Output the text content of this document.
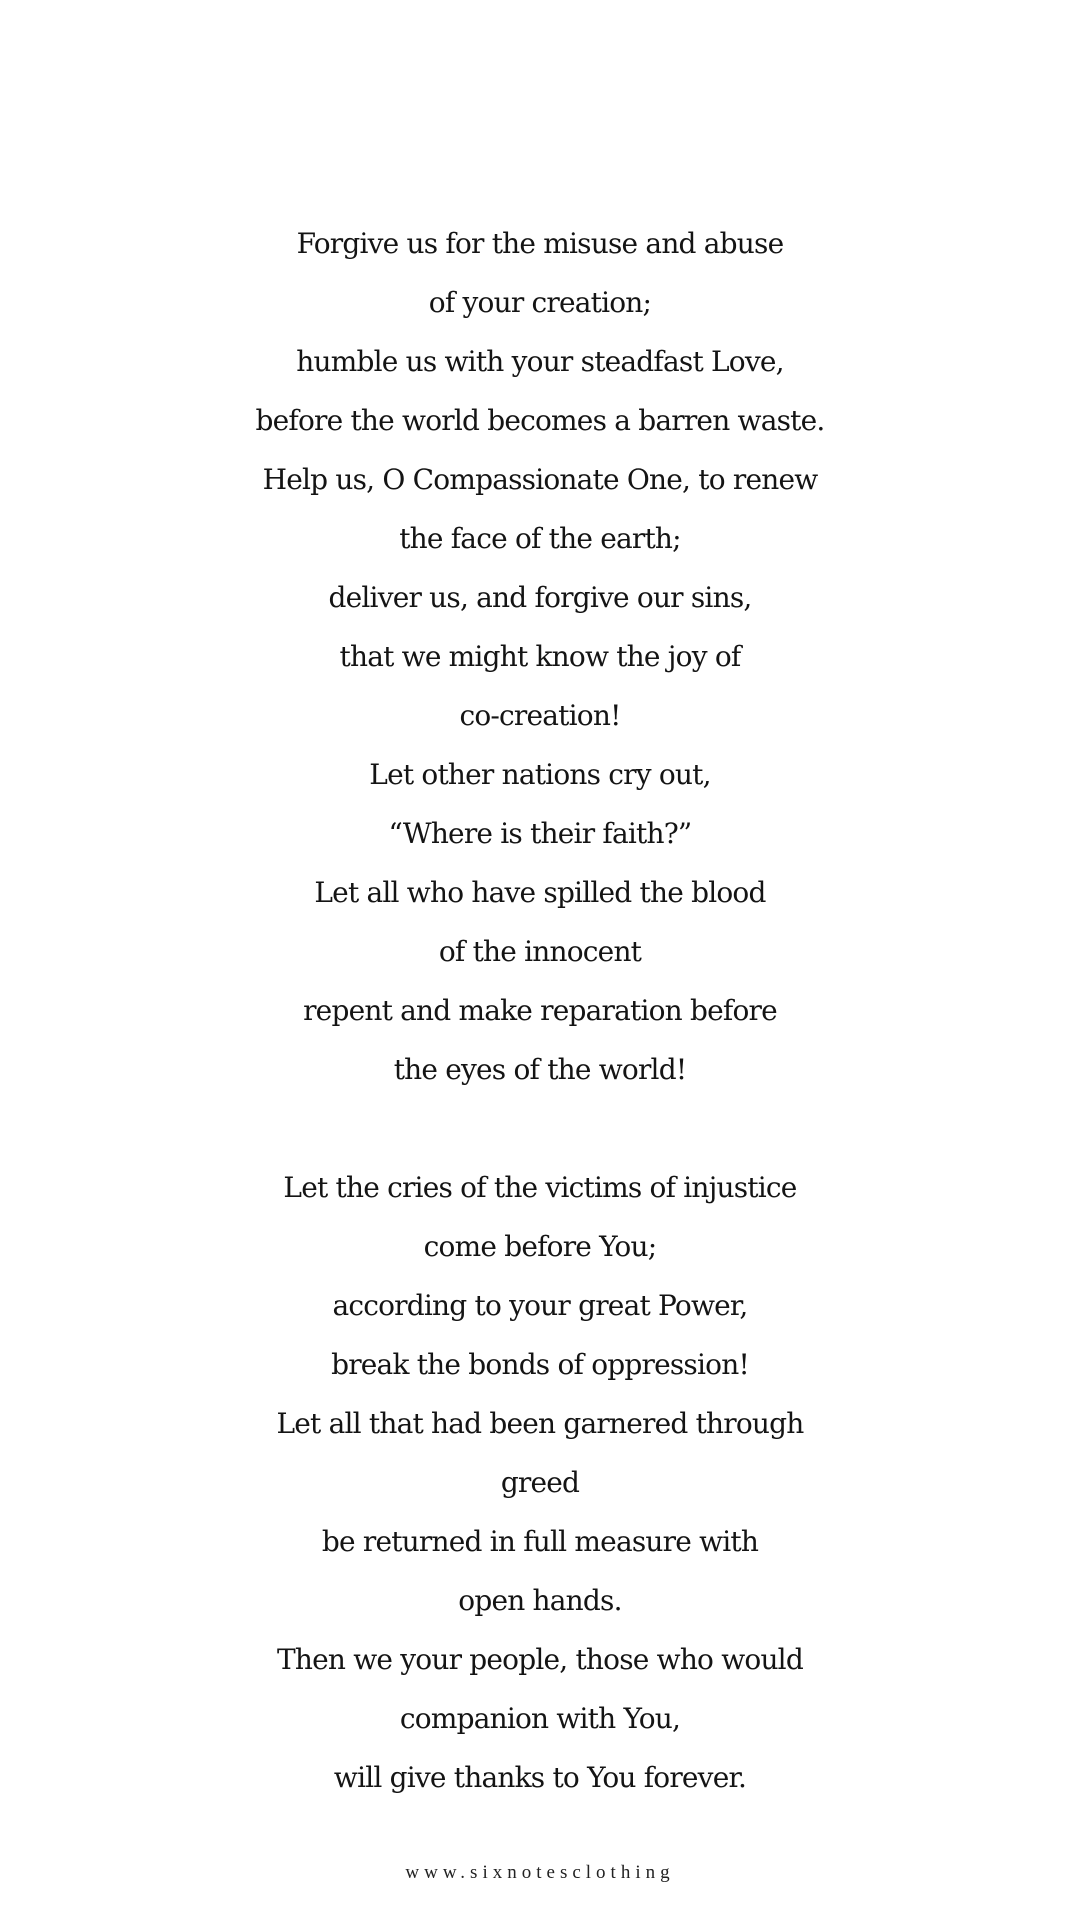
Forgive us for the misuse and abuse
of your creation;
humble us with your steadfast Love,
before the world becomes a barren waste.
Help us, O Compassionate One, to renew
the face of the earth;
deliver us, and forgive our sins,
that we might know the joy of
co-creation!
Let other nations cry out,
“Where is their faith?”
Let all who have spilled the blood
of the innocent
repent and make reparation before
the eyes of the world!
Let the cries of the victims of injustice
come before You;
according to your great Power,
break the bonds of oppression!
Let all that had been garnered through
greed
be returned in full measure with
open hands.
Then we your people, those who would
companion with You,
will give thanks to You forever.
www.sixnotesclothing
